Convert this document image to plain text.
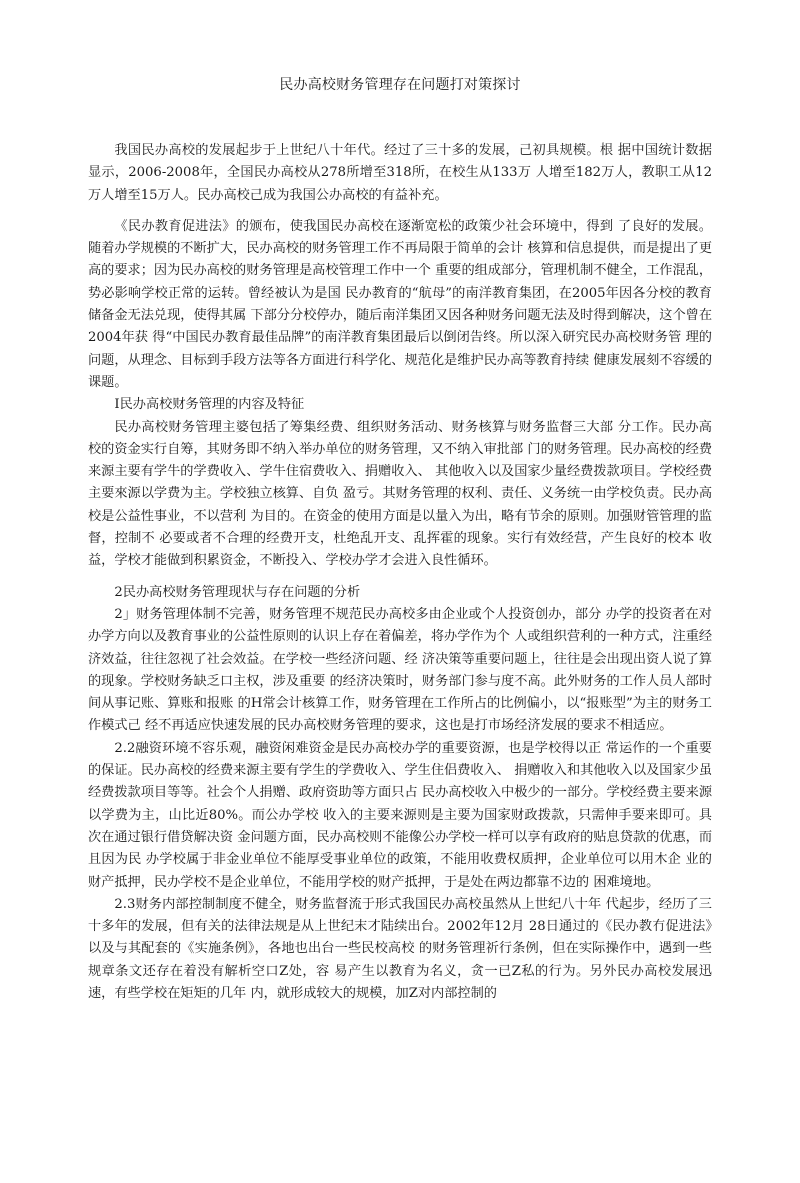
民办高校财务管理存在问题打对策探讨

我国民办高校的发展起步于上世纪八十年代。经过了三十多的发展，己初具规模。根 据中国统计数据显示，2006-2008年，全国民办高校从278所增至318所，在校生从133万 人增至182万人，教职工从12万人增至15万人。民办高校己成为我国公办高校的有益补充。

《民办教育促进法》的颁布，使我国民办高校在逐渐宽松的政策少社会环境中，得到 了良好的发展。随着办学规模的不断扩大，民办高校的财务管理工作不再局限于简单的会计 核算和信息提供，而是提出了更高的要求；因为民办高校的财务管理是高校管理工作中一个 重要的组成部分，管理机制不健全，工作混乱，势必影响学校正常的运转。曾经被认为是国 民办教育的“航母”的南洋教育集团，在2005年因各分校的教育储备金无法兑现，使得其属 下部分分校停办，随后南洋集团又因各种财务问题无法及时得到解决，这个曾在2004年获 得“中国民办教育最佳品牌”的南洋教育集团最后以倒闭告终。所以深入研究民办高校财务管 理的问题，从理念、目标到手段方法等各方面进行科学化、规范化是维护民办高等教育持续 健康发展刻不容缓的课题。

I民办高校财务管理的内容及特征

民办高校财务管理主婆包括了筹集经费、组织财务活动、财务核算与财务监督三大部 分工作。民办高校的资金实行自筹，其财务即不纳入举办单位的财务管理，又不纳入审批部 门的财务管理。民办高校的经费来源主要有学牛的学费收入、学牛住宿费收入、捐赠收入、 其他收入以及国家少量经费拨款项目。学校经费主要來源以学费为主。学校独立核算、自负 盈亏。其财务管理的权利、责任、义务统一由学校负责。民办高校是公益性事业，不以营利 为目的。在资金的使用方面是以量入为出，略有节余的原则。加强财管管理的监督，控制不 必要或者不合理的经费开支，杜绝乱开支、乱挥霍的现象。实行有效经营，产生良好的校本 收益，学校才能做到积累资金，不断投入、学校办学才会进入良性循环。

2民办高校财务管理现状与存在问题的分析

2」财务管理体制不完善，财务管理不规范民办高校多由企业或个人投资创办，部分 办学的投资者在对办学方向以及教育事业的公益性原则的认识上存在着偏差，将办学作为个 人或组织营利的一种方式，注重经济效益，往往忽视了社会效益。在学校一些经济问题、经 济决策等重要问题上，往往是会出现出资人说了算的现象。学校财务缺乏口主权，涉及重要 的经济决策时，财务部门参与度不高。此外财务的工作人员人部时间从事记账、算账和报账 的H常会计核算工作，财务管理在工作所占的比例偏小，以“报账型”为主的财务工作模式己 经不再适应快速发展的民办高校财务管理的要求，这也是打市场经济发展的要求不相适应。

2.2融资环境不容乐观，融资闲难资金是民办高校办学的重要资源，也是学校得以正 常运作的一个重要的保证。民办高校的经费来源主要有学生的学费收入、学生住侣费收入、 捐赠收入和其他收入以及国家少虽经费拨款项目等等。社会个人捐赠、政府资助等方面只占 民办高校收入中极少的一部分。学校经费主要来源以学费为主，山比近80%。而公办学校 收入的主要来源则是主要为国家财政拨款，只需伸手要来即可。具次在通过银行借贷解决资 金问题方面，民办高校则不能像公办学校一样可以享有政府的贴息贷款的优惠，而且因为民 办学校属于非金业单位不能厚受事业单位的政策，不能用收费权质押，企业单位可以用木企 业的财产抵押，民办学校不是企业单位，不能用学校的财产抵押，于是处在两边都靠不边的 困难境地。

2.3财务内部控制制度不健全，财务监督流于形式我国民办高校虽然从上世纪八十年 代起步，经历了三十多年的发展，但有关的法律法规是从上世纪末才陆续出台。2002年12月 28日通过的《民办教冇促进法》以及与其配套的《实施条例》，各地也出台一些民校高校 的财务管理祈行条例，但在实际操作中，遇到一些规章条文还存在着没有解析空口Z处，容 易产生以教育为名义，贪一已Z私的行为。另外民办高校发展迅速，有些学校在矩矩的几年 内，就形成较大的规模，加Z对内部控制的
